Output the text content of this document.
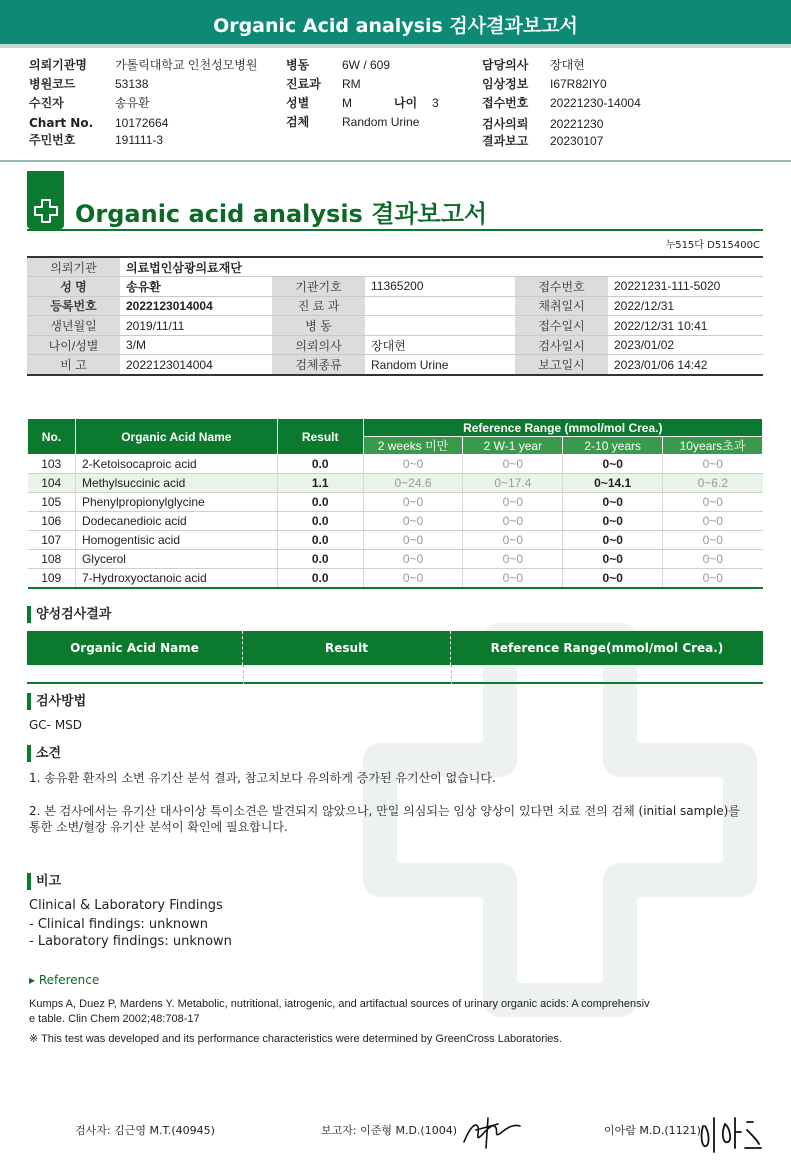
Organic Acid analysis 검사결과보고서
의뢰기관명 가톨릭대학교 인천성모병원
병원코드	53138
수진자	송유환
Chart No. 10172664
주민번호	191111-3
병동	6W / 609
진료과 RM
성별	M	나이 3
검체	Random Urine
담당의사 장대현
임상정보 I67R82IY0
접수번호 20221230-14004
검사의뢰 20221230
결과보고 20230107
Organic acid analysis 결과보고서
누515다 D515400C
의뢰기관	의료법인삼광의료재단				
성 명	송유환	기관기호	11365200	접수번호	20221231-111-5020
등록번호	2022123014004	진 료 과		채취일시	2022/12/31
생년월일	2019/11/11	병 동		접수일시	2022/12/31 10:41
나이/성별	3/M	의뢰의사	장대현	검사일시	2023/01/02
비 고	2022123014004	검체종류	Random Urine	보고일시	2023/01/06 14:42
No.	Organic Acid Name	Result	Reference Range (mmol/mol Crea.)			
			2 weeks 미만	2 W-1 year	2-10 years	10years초과
103	2-Ketoisocaproic acid	0.0	0~0	0~0	0~0	0~0
104	Methylsuccinic acid	1.1	0~24.6	0~17.4	0~14.1	0~6.2
105	Phenylpropionylglycine	0.0	0~0	0~0	0~0	0~0
106	Dodecanedioic acid	0.0	0~0	0~0	0~0	0~0
107	Homogentisic acid	0.0	0~0	0~0	0~0	0~0
108	Glycerol	0.0	0~0	0~0	0~0	0~0
109	7-Hydroxyoctanoic acid	0.0	0~0	0~0	0~0	0~0
양성검사결과
Organic Acid Name	Result	Reference Range (mmol/mol Crea.)
검사방법
GC- MSD
소견
1. 송유환 환자의 소변 유기산 분석 결과, 참고치보다 유의하게 증가된 유기산이 없습니다.
2. 본 검사에서는 유기산 대사이상 특이소견은 발견되지 않았으나, 만일 의심되는 임상 양상이 있다면 치료 전의 검체 (initial sample)를
통한 소변/혈장 유기산 분석이 확인에 필요합니다.
비고
Clinical & Laboratory Findings
- Clinical findings: unknown
- Laboratory findings: unknown
▸ Reference
Kumps A, Duez P, Mardens Y. Metabolic, nutritional, iatrogenic, and artifactual sources of urinary organic acids: A comprehensiv
e table. Clin Chem 2002;48:708-17
※ This test was developed and its performance characteristics were determined by GreenCross Laboratories.
검사자: 김근영 M.T.(40945)	보고자: 이준형 M.D.(1004)	이아람 M.D.(1121)
